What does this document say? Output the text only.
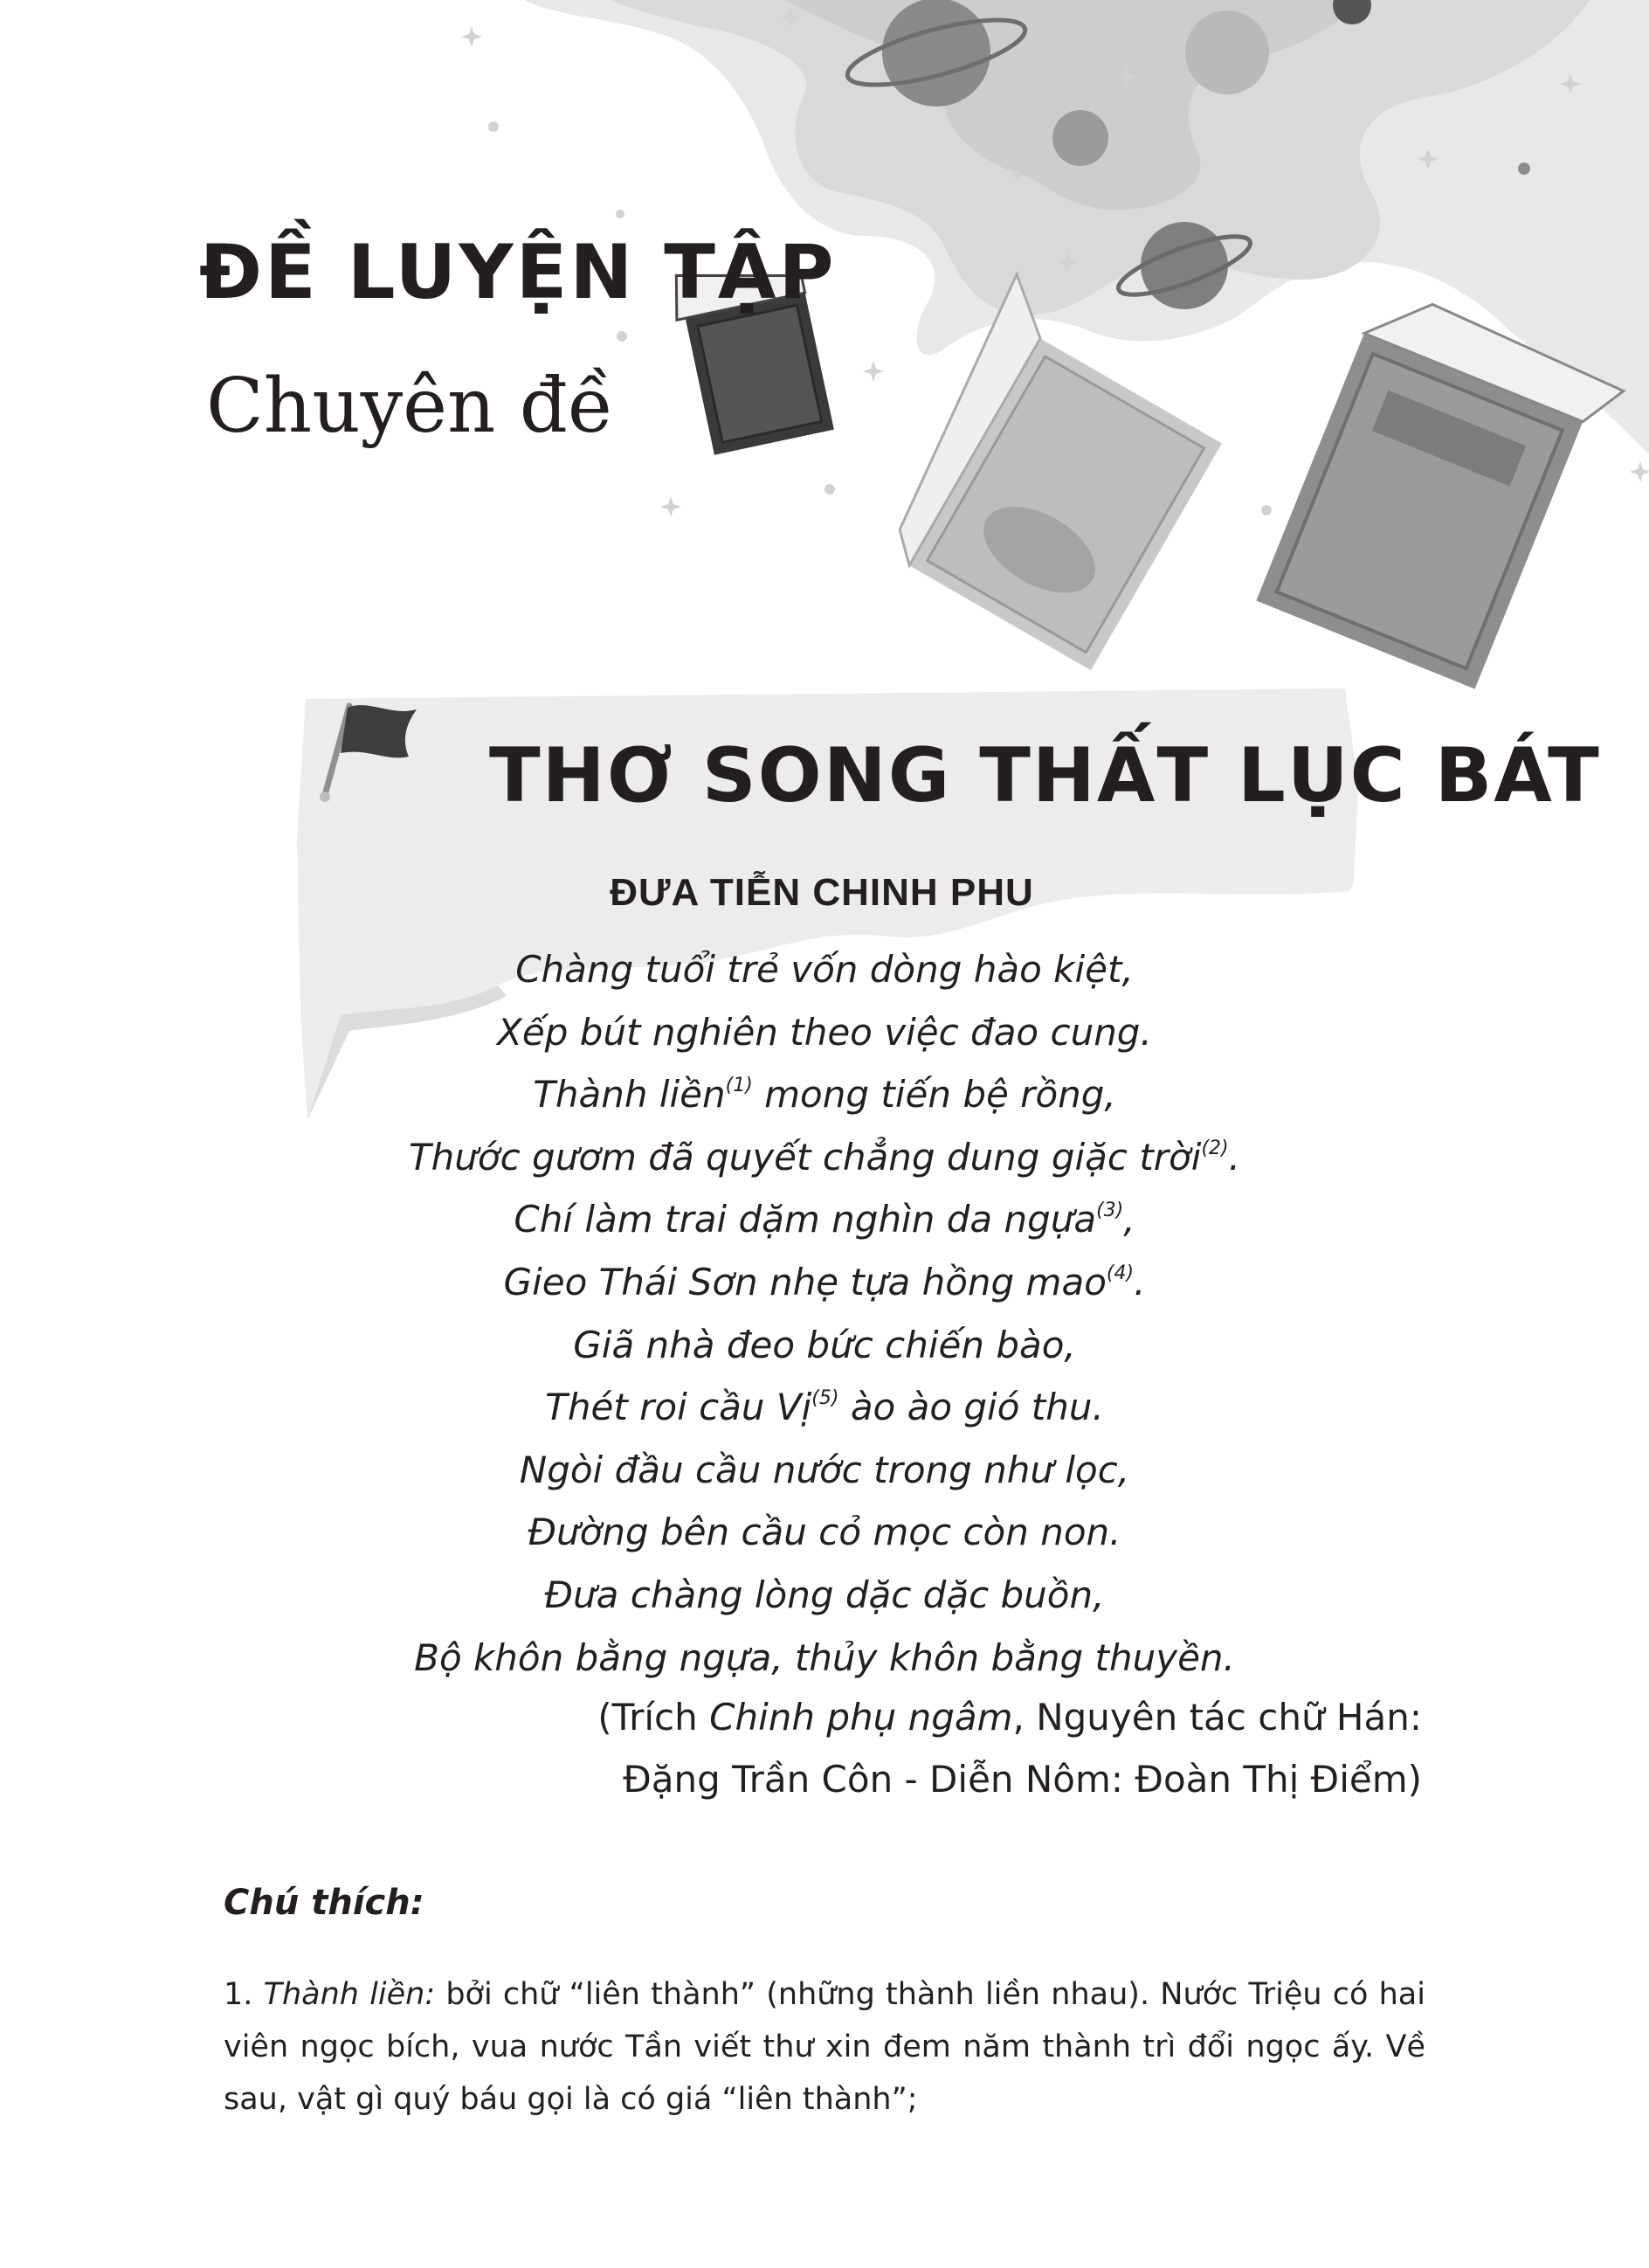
ĐỀ LUYỆN TẬP
Chuyên đề
THƠ SONG THẤT LỤC BÁT
ĐƯA TIỄN CHINH PHU
Chàng tuổi trẻ vốn dòng hào kiệt,
Xếp bút nghiên theo việc đao cung.
Thành liền$^{(1)}$ mong tiến bệ rồng,
Thước gươm đã quyết chẳng dung giặc trời$^{(2)}$.
Chí làm trai dặm nghìn da ngựa$^{(3)}$,
Gieo Thái Sơn nhẹ tựa hồng mao$^{(4)}$.
Giã nhà đeo bức chiến bào,
Thét roi cầu Vị$^{(5)}$ ào ào gió thu.
Ngòi đầu cầu nước trong như lọc,
Đường bên cầu cỏ mọc còn non.
Đưa chàng lòng dặc dặc buồn,
Bộ khôn bằng ngựa, thủy khôn bằng thuyền.
(Trích Chinh phụ ngâm, Nguyên tác chữ Hán:
Đặng Trần Côn - Diễn Nôm: Đoàn Thị Điểm)
Chú thích:

1. Thành liền: bởi chữ “liên thành” (những thành liền nhau). Nước Triệu có hai viên ngọc bích, vua nước Tần viết thư xin đem năm thành trì đổi ngọc ấy. Về sau, vật gì quý báu gọi là có giá “liên thành”;
